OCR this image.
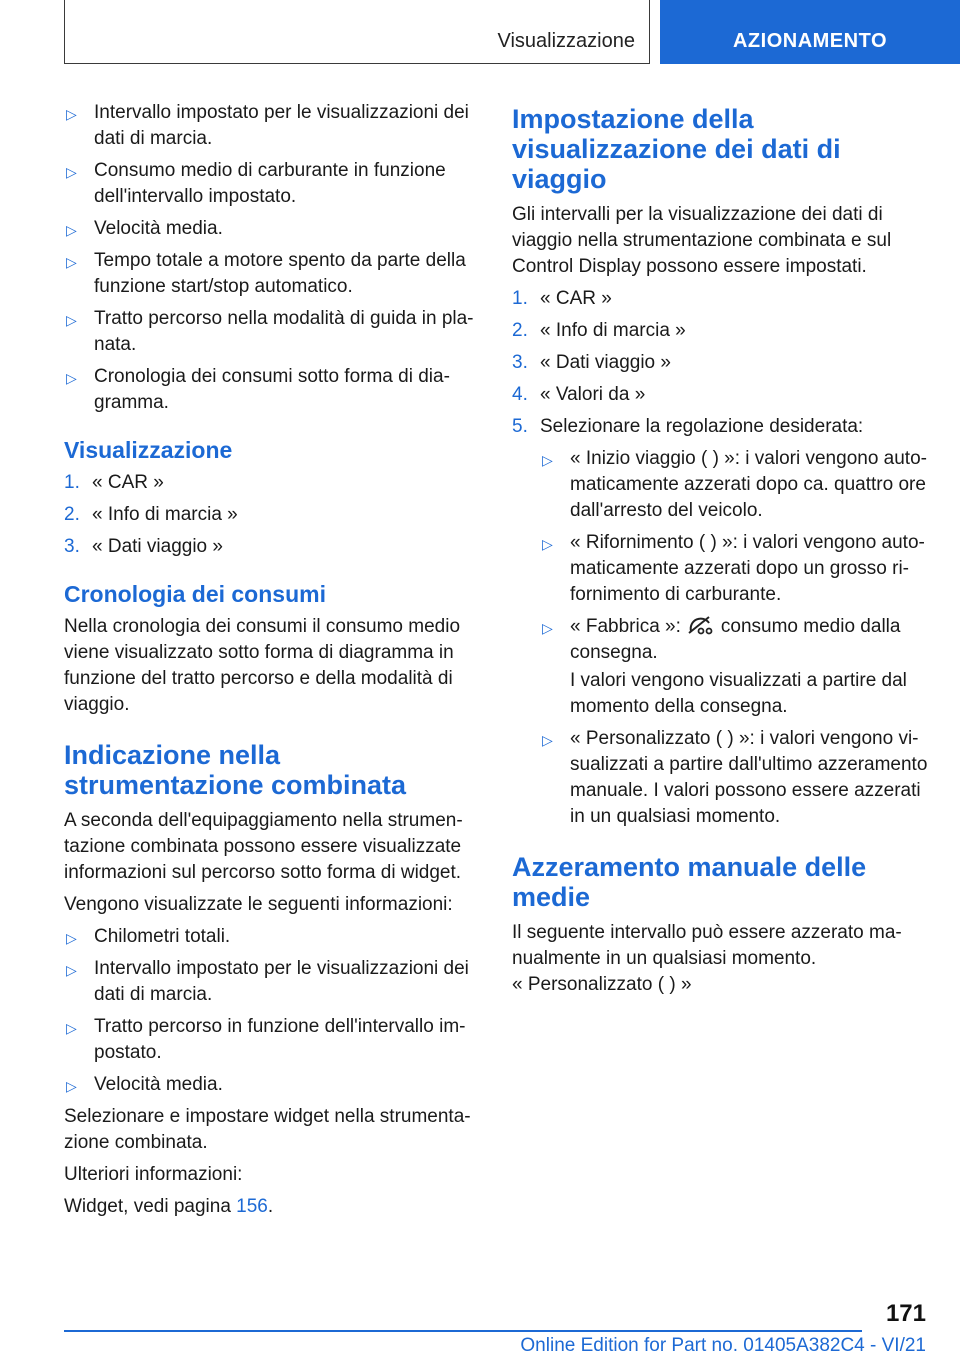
Visualizzazione	AZIONAMENTO
▷ Intervallo impostato per le visualizzazioni dei dati di marcia.
▷ Consumo medio di carburante in funzione dell'intervallo impostato.
▷ Velocità media.
▷ Tempo totale a motore spento da parte della funzione start/stop automatico.
▷ Tratto percorso nella modalità di guida in planata.
▷ Cronologia dei consumi sotto forma di diagramma.
Visualizzazione
1. « CAR »
2. « Info di marcia »
3. « Dati viaggio »
Cronologia dei consumi

Nella cronologia dei consumi il consumo medio viene visualizzato sotto forma di diagramma in funzione del tratto percorso e della modalità di viaggio.

Indicazione nella strumentazione combinata

A seconda dell'equipaggiamento nella strumentazione combinata possono essere visualizzate informazioni sul percorso sotto forma di widget.

Vengono visualizzate le seguenti informazioni:

▷ Chilometri totali.
▷ Intervallo impostato per le visualizzazioni dei dati di marcia.
▷ Tratto percorso in funzione dell'intervallo impostato.
▷ Velocità media.

Selezionare e impostare widget nella strumentazione combinata.

Ulteriori informazioni:

Widget, vedi pagina 156.

Impostazione della visualizzazione dei dati di viaggio

Gli intervalli per la visualizzazione dei dati di viaggio nella strumentazione combinata e sul Control Display possono essere impostati.

1. « CAR »
2. « Info di marcia »
3. « Dati viaggio »
4. « Valori da »
5. Selezionare la regolazione desiderata:
▷ « Inizio viaggio ( ) »: i valori vengono automaticamente azzerati dopo ca. quattro ore dall'arresto del veicolo.
▷ « Rifornimento ( ) »: i valori vengono automaticamente azzerati dopo un grosso rifornimento di carburante.
▷ « Fabbrica »: consumo medio dalla consegna.

I valori vengono visualizzati a partire dal momento della consegna.

▷ « Personalizzato ( ) »: i valori vengono visualizzati a partire dall'ultimo azzeramento manuale. I valori possono essere azzerati in un qualsiasi momento.
Azzeramento manuale delle medie

Il seguente intervallo può essere azzerato manualmente in un qualsiasi momento.

« Personalizzato ( ) »

171
Online Edition for Part no. 01405A382C4 - VI/21
